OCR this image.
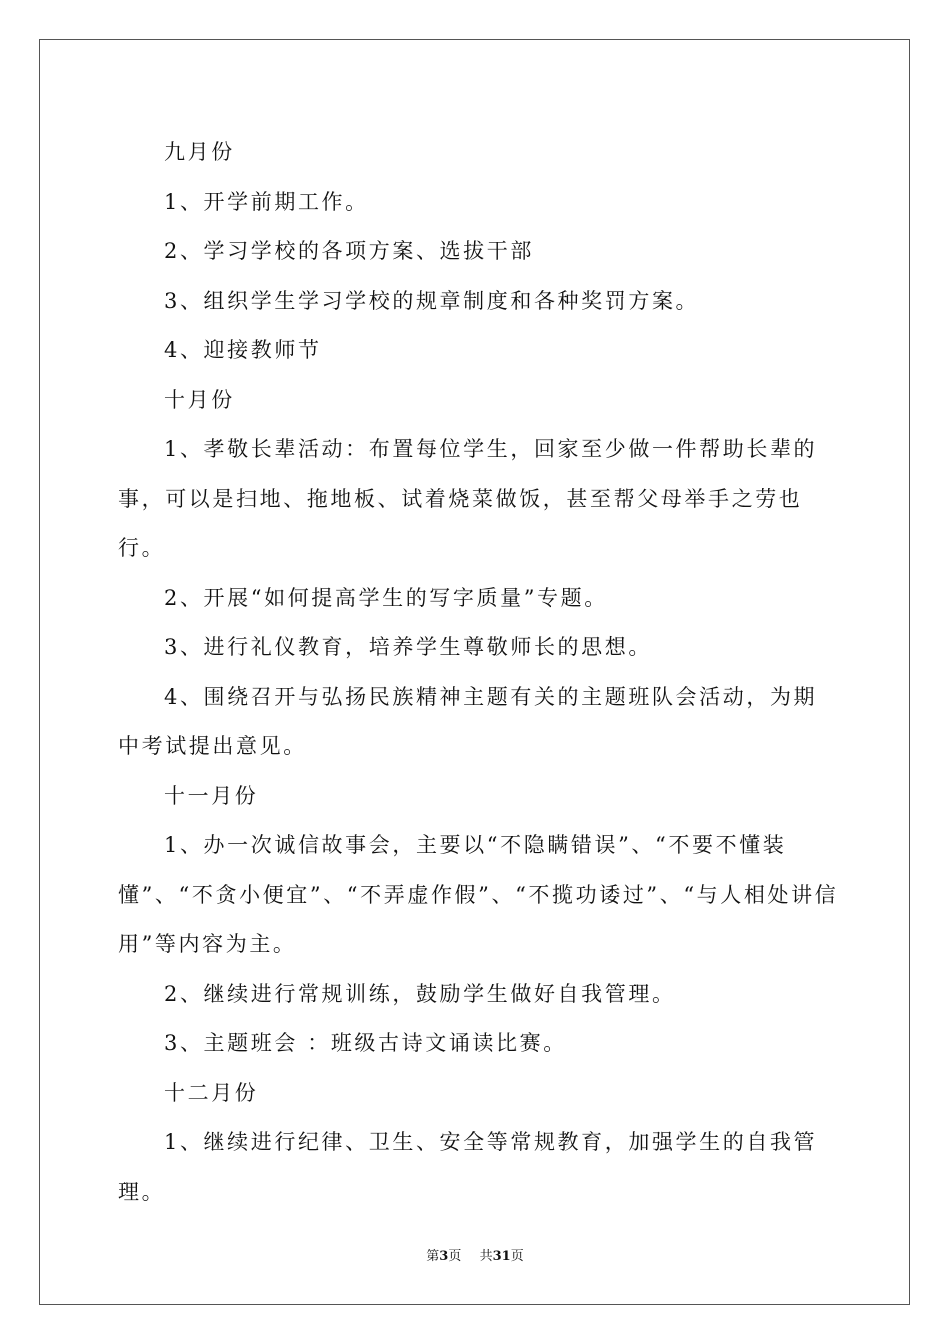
九月份

1、开学前期工作。

2、学习学校的各项方案、选拔干部

3、组织学生学习学校的规章制度和各种奖罚方案。

4、迎接教师节

十月份

1、孝敬长辈活动：布置每位学生，回家至少做一件帮助长辈的事，可以是扫地、拖地板、试着烧菜做饭，甚至帮父母举手之劳也行。

2、开展“如何提高学生的写字质量”专题。

3、进行礼仪教育，培养学生尊敬师长的思想。

4、围绕召开与弘扬民族精神主题有关的主题班队会活动，为期中考试提出意见。

十一月份

1、办一次诚信故事会，主要以“不隐瞒错误”、“不要不懂装懂”、“不贪小便宜”、“不弄虚作假”、“不揽功诿过”、“与人相处讲信用”等内容为主。

2、继续进行常规训练，鼓励学生做好自我管理。

3、主题班会 ：班级古诗文诵读比赛。

十二月份

1、继续进行纪律、卫生、安全等常规教育，加强学生的自我管理。

第3页 共31页
